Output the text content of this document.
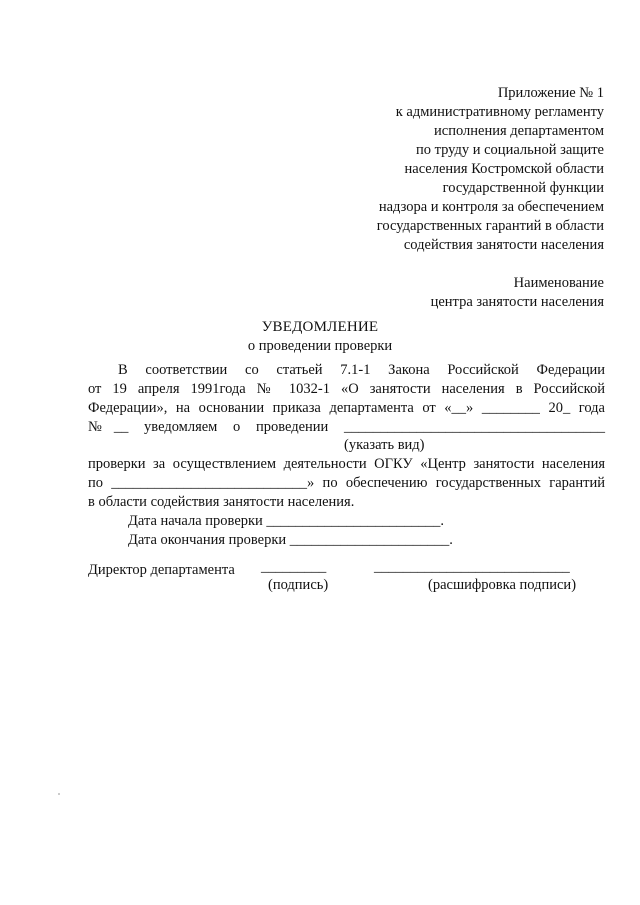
Приложение № 1
к административному регламенту
исполнения департаментом
по труду и социальной защите
населения Костромской области
государственной функции
надзора и контроля за обеспечением
государственных гарантий в области
содействия занятости населения
Наименование
центра занятости населения
УВЕДОМЛЕНИЕ
о проведении проверки
В соответствии со статьей 7.1-1 Закона Российской Федерации
от 19 апреля 1991года № 1032-1 «О занятости населения в Российской
Федерации», на основании приказа департамента от «__» ________ 20_ года
№__ уведомляем о проведении ____________________________________
(указать вид)
проверки за осуществлением деятельности ОГКУ «Центр занятости населения
по ___________________________» по обеспечению государственных гарантий
в области содействия занятости населения.
Дата начала проверки ________________________.
Дата окончания проверки ______________________.
Директор департамента _________	___________________________
(подпись)	(расшифровка подписи)
